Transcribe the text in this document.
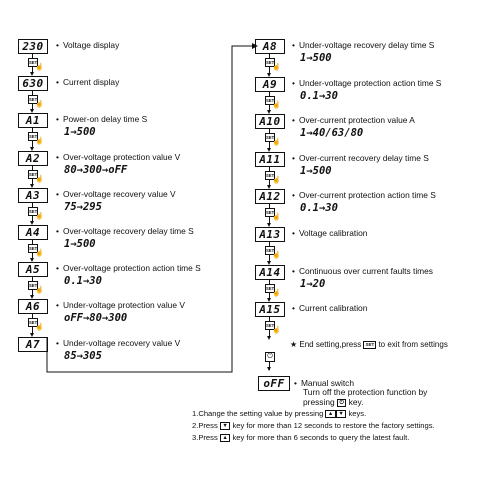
230	• Voltage display
SET
☝
630	• Current display
SET
☝
A1	• Power-on delay time S
1→500
SET
☝
A2	• Over-voltage protection value V
80→300→oFF
SET
☝
A3	• Over-voltage recovery value V
75→295
SET
☝
A4	• Over-voltage recovery delay time S
1→500
SET
☝
A5	• Over-voltage protection action time S
0.1→30
SET
☝
A6	• Under-voltage protection value V
oFF→80→300
SET
☝
A7	• Under-voltage recovery value V
85→305
A8	• Under-voltage recovery delay time S
1→500
SET
☝
A9	• Under-voltage protection action time S
0.1→30
SET
☝
A10	• Over-current protection value A
1→40/63/80
SET
☝
A11	• Over-current recovery delay time S
1→500
SET
☝
A12	• Over-current protection action time S
0.1→30
SET
☝
A13	• Voltage calibration
SET
☝
A14	• Continuous over current faults times
1→20
SET
☝
A15	• Current calibration
SET
☝
⏻
★ End setting,press SET to exit from settings
oFF	• Manual switch
Turn off the protection function by
pressing ⏻ key.
1.Change the setting value by pressing ▲ ▼ keys.
2.Press ▼ key for more than 12 seconds to restore the factory settings.
3.Press ▲ key for more than 6 seconds to query the latest fault.
